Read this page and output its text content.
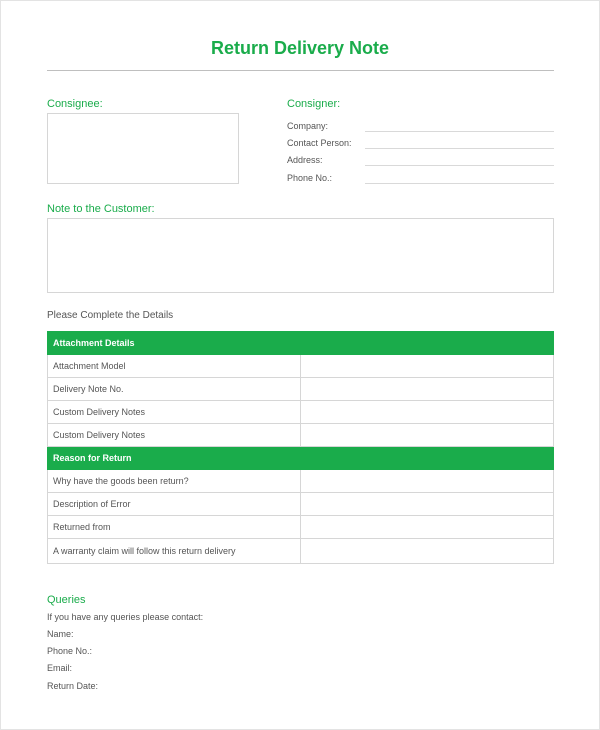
Return Delivery Note
Consignee:	Consigner:
Company:
Contact Person:
Address:
Phone No.:
Note to the Customer:
Please Complete the Details
Attachment Details	
Attachment Model	
Delivery Note No.	
Custom Delivery Notes	
Custom Delivery Notes	
Reason for Return	
Why have the goods been return?	
Description of Error	
Returned from	
A warranty claim will follow this return delivery	
Queries
If you have any queries please contact:
Name:
Phone No.:
Email:
Return Date:
